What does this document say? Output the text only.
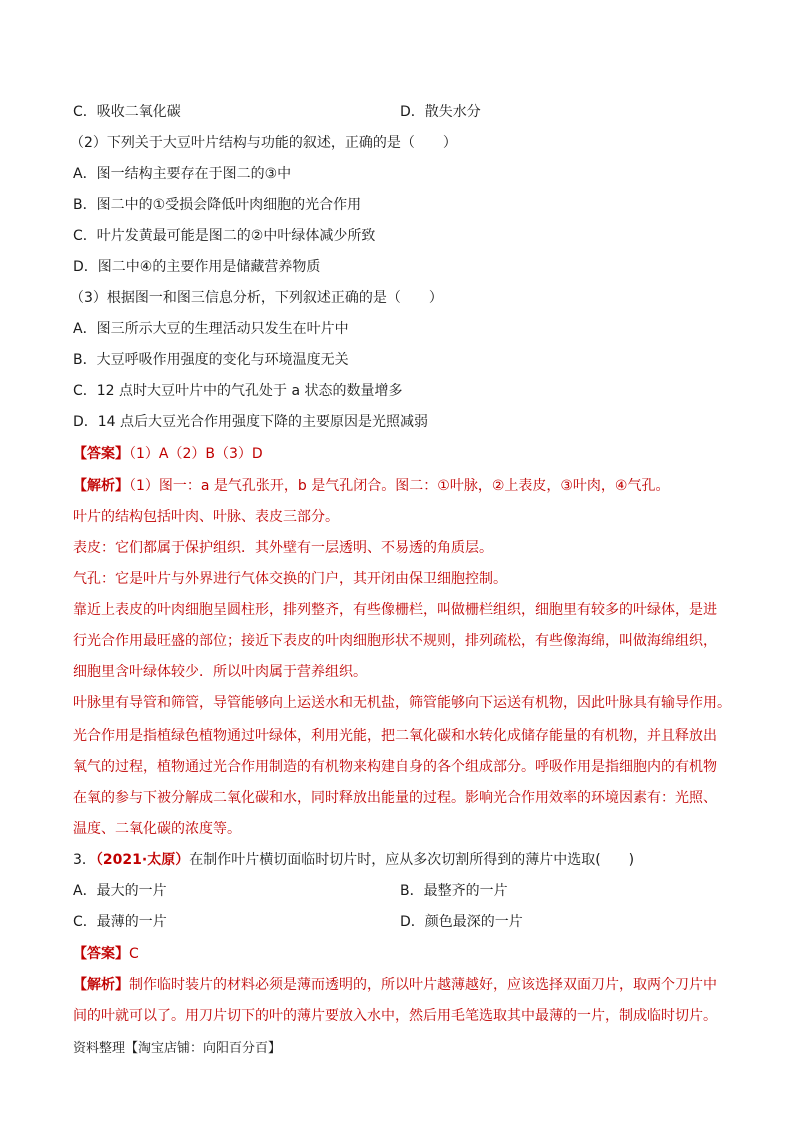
C．吸收二氧化碳	D．散失水分
（2）下列关于大豆叶片结构与功能的叙述，正确的是（　　）
A．图一结构主要存在于图二的③中
B．图二中的①受损会降低叶肉细胞的光合作用
C．叶片发黄最可能是图二的②中叶绿体减少所致
D．图二中④的主要作用是储藏营养物质
（3）根据图一和图三信息分析，下列叙述正确的是（　　）
A．图三所示大豆的生理活动只发生在叶片中
B．大豆呼吸作用强度的变化与环境温度无关
C．12 点时大豆叶片中的气孔处于 a 状态的数量增多
D．14 点后大豆光合作用强度下降的主要原因是光照减弱
【答案】（1）A（2）B（3）D
【解析】（1）图一：a 是气孔张开，b 是气孔闭合。图二：①叶脉，②上表皮，③叶肉，④气孔。
叶片的结构包括叶肉、叶脉、表皮三部分。
表皮：它们都属于保护组织．其外壁有一层透明、不易透的角质层。
气孔：它是叶片与外界进行气体交换的门户，其开闭由保卫细胞控制。
靠近上表皮的叶肉细胞呈圆柱形，排列整齐，有些像栅栏，叫做栅栏组织，细胞里有较多的叶绿体，是进
行光合作用最旺盛的部位；接近下表皮的叶肉细胞形状不规则，排列疏松，有些像海绵，叫做海绵组织，
细胞里含叶绿体较少．所以叶肉属于营养组织。
叶脉里有导管和筛管，导管能够向上运送水和无机盐，筛管能够向下运送有机物，因此叶脉具有输导作用。
光合作用是指植绿色植物通过叶绿体，利用光能，把二氧化碳和水转化成储存能量的有机物，并且释放出
氧气的过程，植物通过光合作用制造的有机物来构建自身的各个组成部分。呼吸作用是指细胞内的有机物
在氧的参与下被分解成二氧化碳和水，同时释放出能量的过程。影响光合作用效率的环境因素有：光照、
温度、二氧化碳的浓度等。
3．（2021·太原）在制作叶片横切面临时切片时，应从多次切割所得到的薄片中选取(　　)
A．最大的一片	B．最整齐的一片
C．最薄的一片	D．颜色最深的一片
【答案】C
【解析】制作临时装片的材料必须是薄而透明的，所以叶片越薄越好，应该选择双面刀片，取两个刀片中
间的叶就可以了。用刀片切下的叶的薄片要放入水中，然后用毛笔选取其中最薄的一片，制成临时切片。
资料整理【淘宝店铺：向阳百分百】
